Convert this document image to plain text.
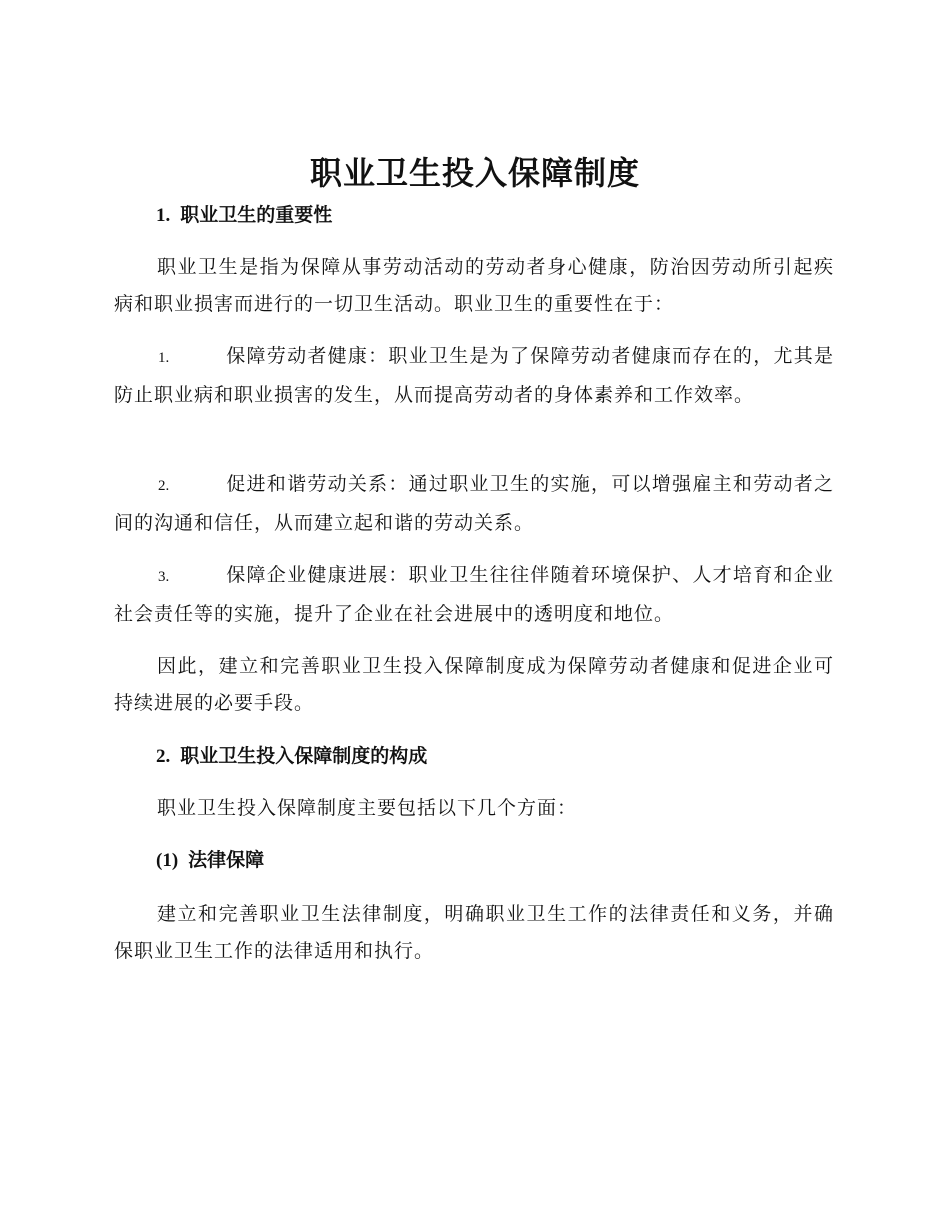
职业卫生投入保障制度
1. 职业卫生的重要性

职业卫生是指为保障从事劳动活动的劳动者身心健康，防治因劳动所引起疾病和职业损害而进行的一切卫生活动。职业卫生的重要性在于：

1.	保障劳动者健康：职业卫生是为了保障劳动者健康而存在的，尤其是防止职业病和职业损害的发生，从而提高劳动者的身体素养和工作效率。

2.	促进和谐劳动关系：通过职业卫生的实施，可以增强雇主和劳动者之间的沟通和信任，从而建立起和谐的劳动关系。

3.	保障企业健康进展：职业卫生往往伴随着环境保护、人才培育和企业社会责任等的实施，提升了企业在社会进展中的透明度和地位。

因此，建立和完善职业卫生投入保障制度成为保障劳动者健康和促进企业可持续进展的必要手段。

2. 职业卫生投入保障制度的构成

职业卫生投入保障制度主要包括以下几个方面：

(1) 法律保障

建立和完善职业卫生法律制度，明确职业卫生工作的法律责任和义务，并确保职业卫生工作的法律适用和执行。
